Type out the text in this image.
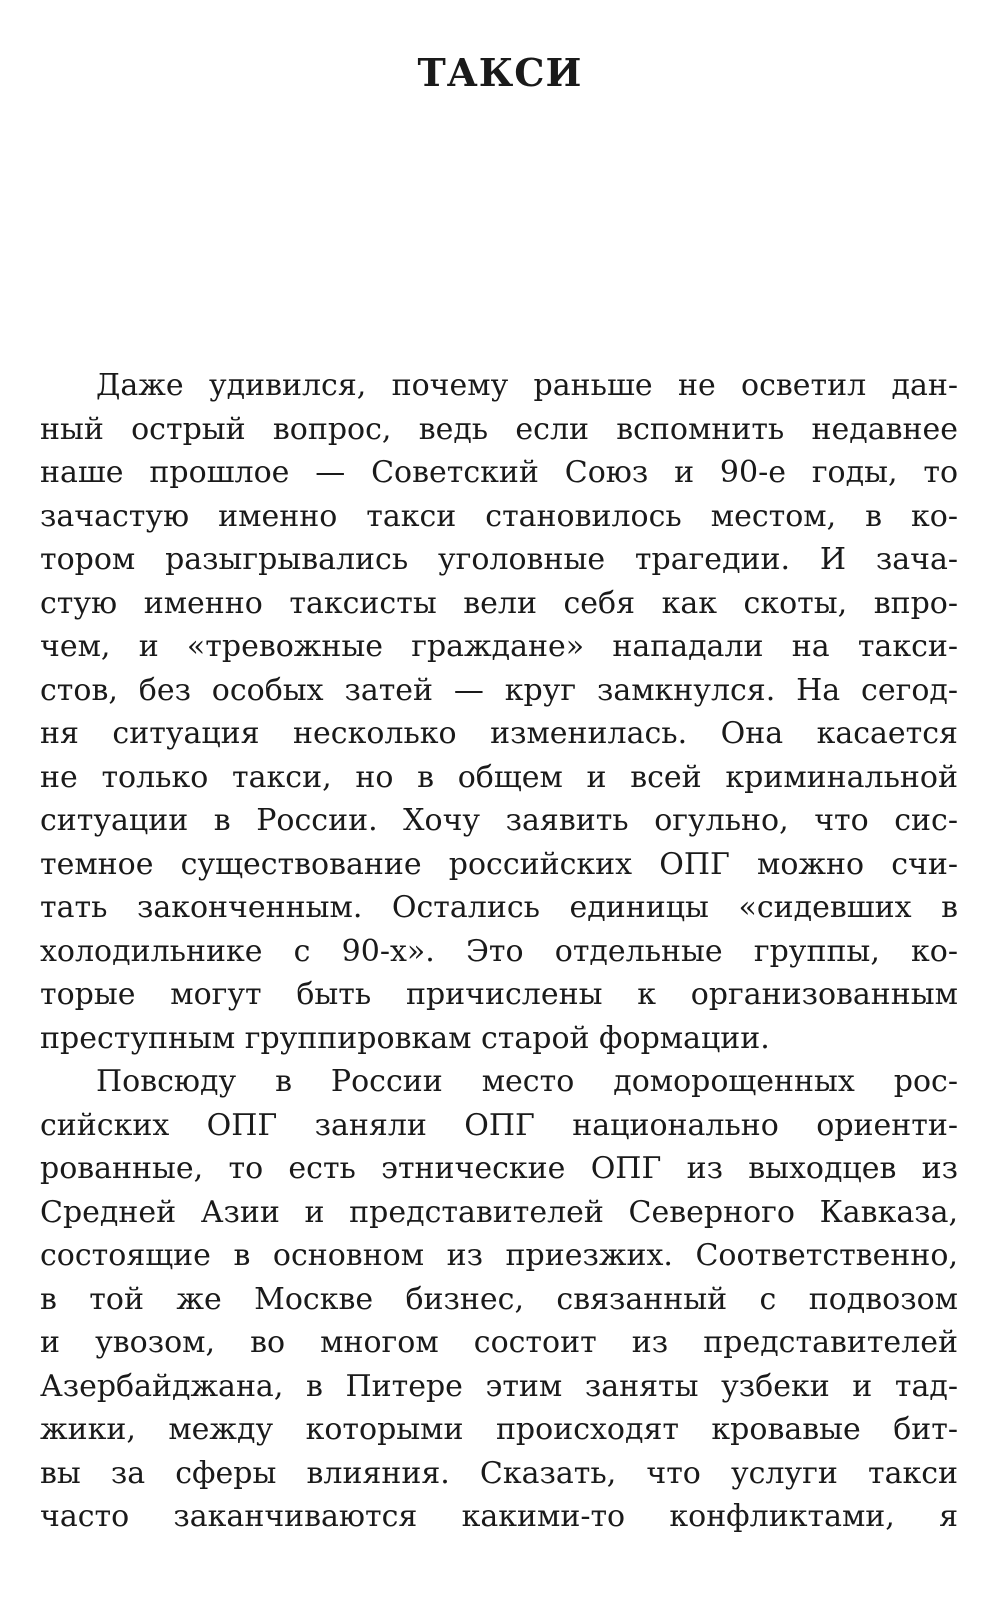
ТАКСИ
Даже удивился, почему раньше не осветил дан-
ный острый вопрос, ведь если вспомнить недавнее
наше прошлое — Советский Союз и 90-е годы, то
зачастую именно такси становилось местом, в ко-
тором разыгрывались уголовные трагедии. И зача-
стую именно таксисты вели себя как скоты, впро-
чем, и «тревожные граждане» нападали на такси-
стов, без особых затей — круг замкнулся. На сегод-
ня ситуация несколько изменилась. Она касается
не только такси, но в общем и всей криминальной
ситуации в России. Хочу заявить огульно, что сис-
темное существование российских ОПГ можно счи-
тать законченным. Остались единицы «сидевших в
холодильнике с 90-х». Это отдельные группы, ко-
торые могут быть причислены к организованным
преступным группировкам старой формации.
Повсюду в России место доморощенных рос-
сийских ОПГ заняли ОПГ национально ориенти-
рованные, то есть этнические ОПГ из выходцев из
Средней Азии и представителей Северного Кавказа,
состоящие в основном из приезжих. Соответственно,
в той же Москве бизнес, связанный с подвозом
и увозом, во многом состоит из представителей
Азербайджана, в Питере этим заняты узбеки и тад-
жики, между которыми происходят кровавые бит-
вы за сферы влияния. Сказать, что услуги такси
часто заканчиваются какими-то конфликтами, я
